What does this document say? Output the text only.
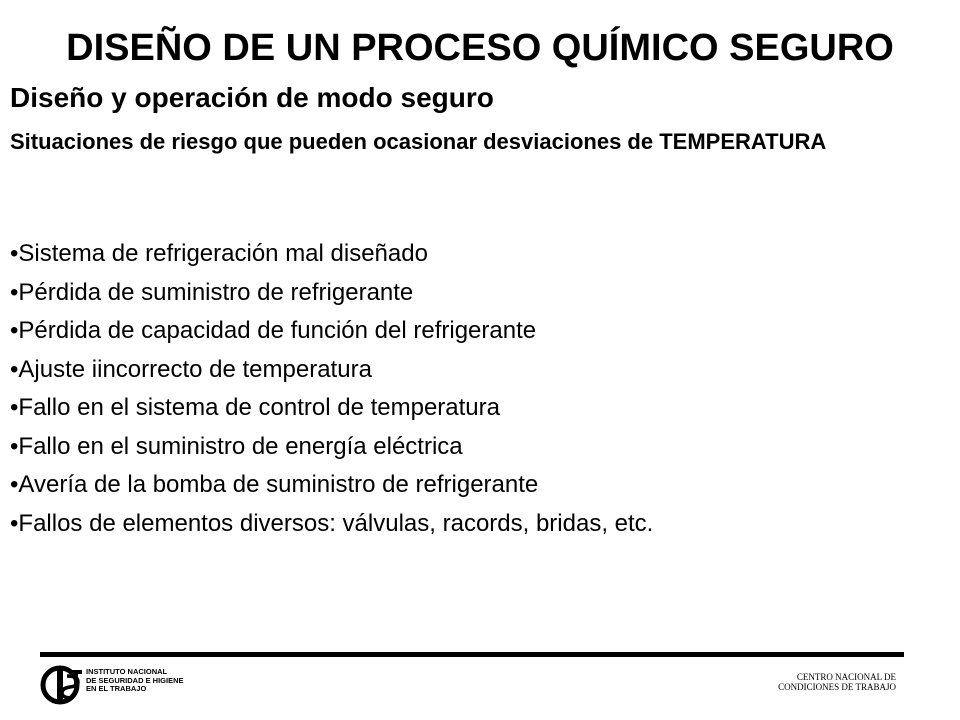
DISEÑO DE UN PROCESO QUÍMICO SEGURO
Diseño y operación de modo seguro
Situaciones de riesgo que pueden ocasionar desviaciones de TEMPERATURA
•Sistema de refrigeración mal diseñado
•Pérdida de suministro de refrigerante
•Pérdida de capacidad de función del refrigerante
•Ajuste iincorrecto de temperatura
•Fallo en el sistema de control de temperatura
•Fallo en el suministro de energía eléctrica
•Avería de la bomba de suministro de refrigerante
•Fallos de elementos diversos: válvulas, racords, bridas, etc.
INSTITUTO NACIONAL
DE SEGURIDAD E HIGIENE
EN EL TRABAJO
CENTRO NACIONAL DE
CONDICIONES DE TRABAJO
